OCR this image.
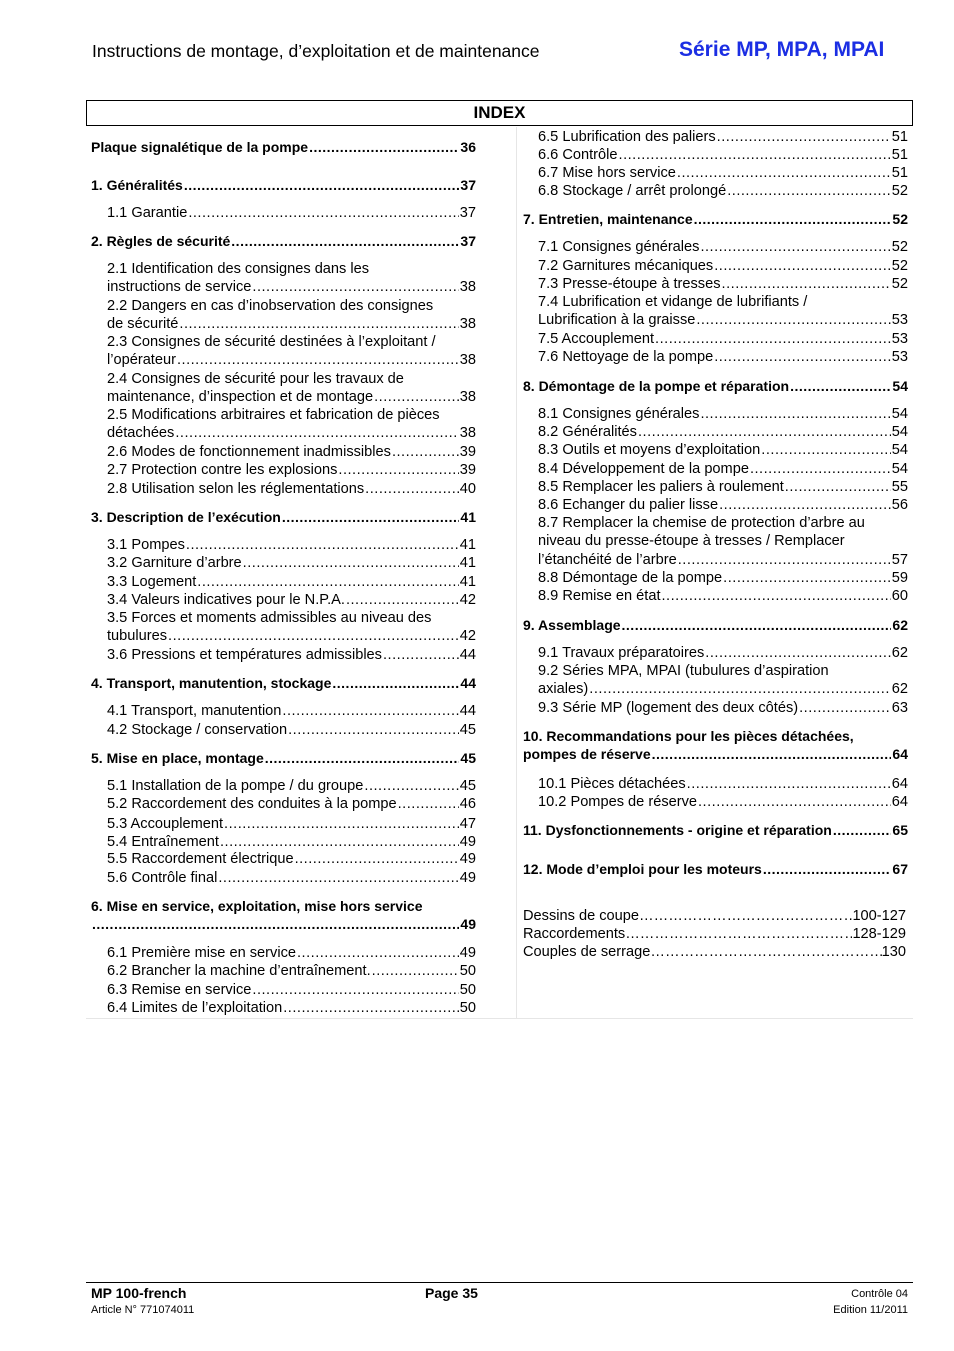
Instructions de montage, d’exploitation et de maintenance	Série MP, MPA, MPAI
INDEX
Plaque signalétique de la pompe .....	36
1. Généralités .....	37
1.1 Garantie .....	37
2. Règles de sécurité .....	37
2.1 Identification des consignes dans les
instructions de service .....	38
2.2 Dangers en cas d’inobservation des consignes
de sécurité .....	38
2.3 Consignes de sécurité destinées à l’exploitant /
l’opérateur .....	38
2.4 Consignes de sécurité pour les travaux de
maintenance, d’inspection et de montage .....	38
2.5 Modifications arbitraires et fabrication de pièces
détachées .....	38
2.6 Modes de fonctionnement inadmissibles .....	39
2.7 Protection contre les explosions .....	39
2.8 Utilisation selon les réglementations .....	40
3. Description de l’exécution .....	41
3.1 Pompes .....	41
3.2 Garniture d’arbre .....	41
3.3 Logement .....	41
3.4 Valeurs indicatives pour le N.P.A. .....	42
3.5 Forces et moments admissibles au niveau des
tubulures .....	42
3.6 Pressions et températures admissibles .....	44
4. Transport, manutention, stockage .....	44
4.1 Transport, manutention .....	44
4.2 Stockage / conservation .....	45
5. Mise en place, montage .....	45
5.1 Installation de la pompe / du groupe .....	45
5.2 Raccordement des conduites à la pompe .....	46
5.3 Accouplement .....	47
5.4 Entraînement .....	49
5.5 Raccordement électrique .....	49
5.6 Contrôle final .....	49
6. Mise en service, exploitation, mise hors service
.....
49
6.1 Première mise en service .....	49
6.2 Brancher la machine d’entraînement. .....	50
6.3 Remise en service .....	50
6.4 Limites de l’exploitation .....	50
6.5 Lubrification des paliers .....	51
6.6 Contrôle .....	51
6.7 Mise hors service .....	51
6.8 Stockage / arrêt prolongé .....	52
7. Entretien, maintenance .....	52
7.1 Consignes générales .....	52
7.2 Garnitures mécaniques .....	52
7.3 Presse-étoupe à tresses .....	52
7.4 Lubrification et vidange de lubrifiants /
Lubrification à la graisse .....	53
7.5 Accouplement .....	53
7.6 Nettoyage de la pompe .....	53
8. Démontage de la pompe et réparation .....	54
8.1 Consignes générales .....	54
8.2 Généralités .....	54
8.3 Outils et moyens d’exploitation .....	54
8.4 Développement de la pompe .....	54
8.5 Remplacer les paliers à roulement .....	55
8.6 Echanger du palier lisse .....	56
8.7 Remplacer la chemise de protection d’arbre au
niveau du presse-étoupe à tresses / Remplacer
l’étanchéité de l’arbre .....	57
8.8 Démontage de la pompe .....	59
8.9 Remise en état .....	60
9. Assemblage .....	62
9.1 Travaux préparatoires .....	62
9.2 Séries MPA, MPAI (tubulures d’aspiration
axiales) .....	62
9.3 Série MP (logement des deux côtés) .....	63
10. Recommandations pour les pièces détachées,
pompes de réserve .....	64
10.1 Pièces détachées .....	64
10.2 Pompes de réserve .....	64
11. Dysfonctionnements - origine et réparation .....	65
12. Mode d’emploi pour les moteurs .....	67
Dessins de coupe ……………………………………………………………………………………………	100-127
Raccordements ……………………………………………………………………………………………	128-129
Couples de serrage ……………………………………………………………………………………………	130
MP 100-french
Article N° 771074011
Page 35	Contrôle 04
Edition 11/2011
